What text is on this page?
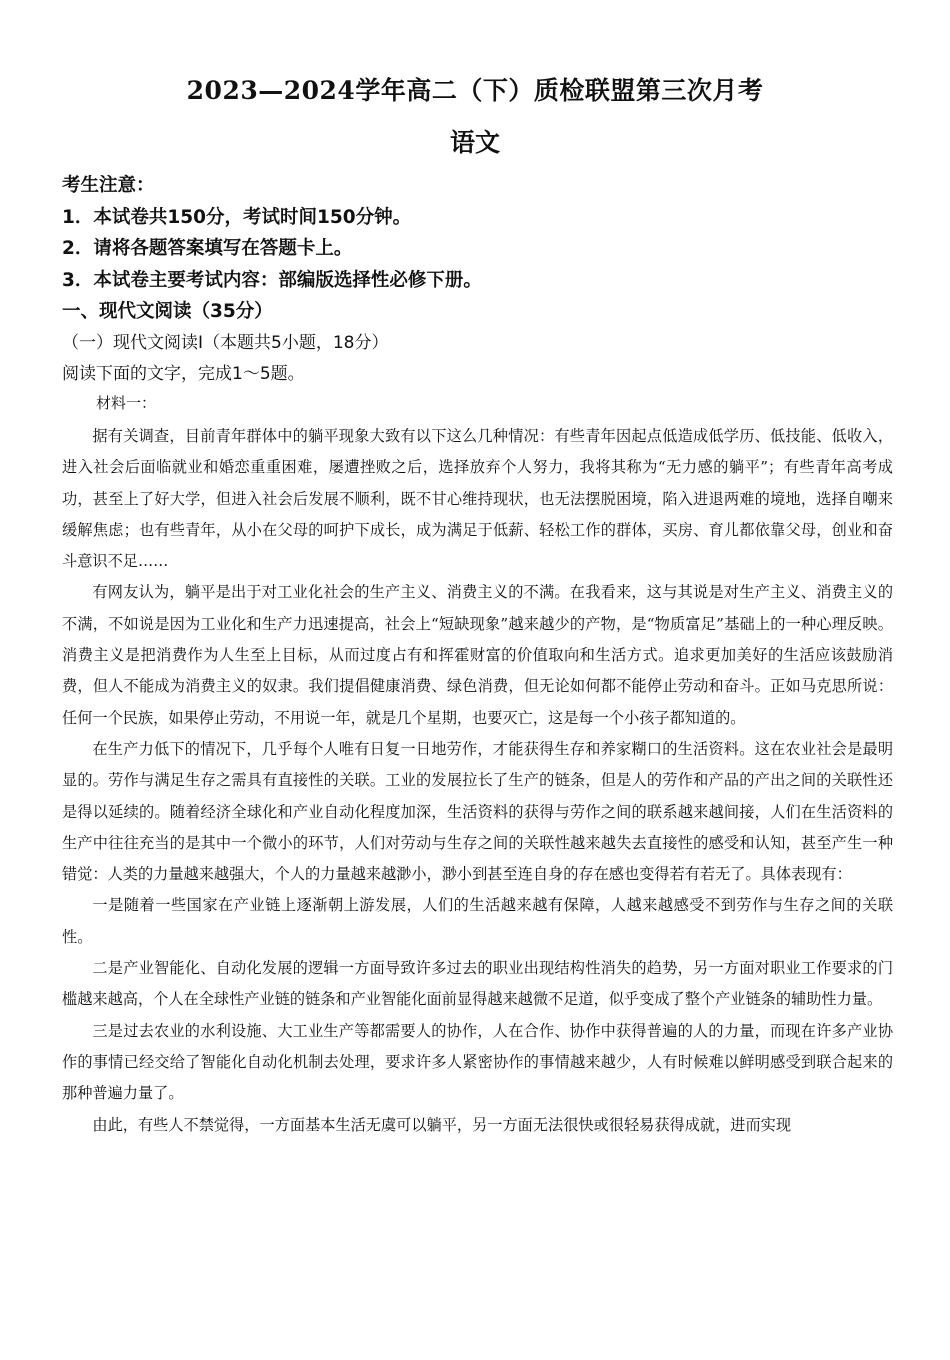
2023—2024学年高二（下）质检联盟第三次月考
语文
考生注意：
1．本试卷共150分，考试时间150分钟。
2．请将各题答案填写在答题卡上。
3．本试卷主要考试内容：部编版选择性必修下册。
一、现代文阅读（35分）
（一）现代文阅读Ⅰ（本题共5小题，18分）
阅读下面的文字，完成1～5题。
材料一：

据有关调查，目前青年群体中的躺平现象大致有以下这么几种情况：有些青年因起点低造成低学历、低技能、低收入，进入社会后面临就业和婚恋重重困难，屡遭挫败之后，选择放弃个人努力，我将其称为“无力感的躺平”；有些青年高考成功，甚至上了好大学，但进入社会后发展不顺利，既不甘心维持现状，也无法摆脱困境，陷入进退两难的境地，选择自嘲来缓解焦虑；也有些青年，从小在父母的呵护下成长，成为满足于低薪、轻松工作的群体，买房、育儿都依靠父母，创业和奋斗意识不足……

有网友认为，躺平是出于对工业化社会的生产主义、消费主义的不满。在我看来，这与其说是对生产主义、消费主义的不满，不如说是因为工业化和生产力迅速提高，社会上“短缺现象”越来越少的产物，是“物质富足”基础上的一种心理反映。消费主义是把消费作为人生至上目标，从而过度占有和挥霍财富的价值取向和生活方式。追求更加美好的生活应该鼓励消费，但人不能成为消费主义的奴隶。我们提倡健康消费、绿色消费，但无论如何都不能停止劳动和奋斗。正如马克思所说：任何一个民族，如果停止劳动，不用说一年，就是几个星期，也要灭亡，这是每一个小孩子都知道的。

在生产力低下的情况下，几乎每个人唯有日复一日地劳作，才能获得生存和养家糊口的生活资料。这在农业社会是最明显的。劳作与满足生存之需具有直接性的关联。工业的发展拉长了生产的链条，但是人的劳作和产品的产出之间的关联性还是得以延续的。随着经济全球化和产业自动化程度加深，生活资料的获得与劳作之间的联系越来越间接，人们在生活资料的生产中往往充当的是其中一个微小的环节，人们对劳动与生存之间的关联性越来越失去直接性的感受和认知，甚至产生一种错觉：人类的力量越来越强大，个人的力量越来越渺小，渺小到甚至连自身的存在感也变得若有若无了。具体表现有：

一是随着一些国家在产业链上逐渐朝上游发展，人们的生活越来越有保障，人越来越感受不到劳作与生存之间的关联性。

二是产业智能化、自动化发展的逻辑一方面导致许多过去的职业出现结构性消失的趋势，另一方面对职业工作要求的门槛越来越高，个人在全球性产业链的链条和产业智能化面前显得越来越微不足道，似乎变成了整个产业链条的辅助性力量。

三是过去农业的水利设施、大工业生产等都需要人的协作，人在合作、协作中获得普遍的人的力量，而现在许多产业协作的事情已经交给了智能化自动化机制去处理，要求许多人紧密协作的事情越来越少，人有时候难以鲜明感受到联合起来的那种普遍力量了。

由此，有些人不禁觉得，一方面基本生活无虞可以躺平，另一方面无法很快或很轻易获得成就，进而实现
